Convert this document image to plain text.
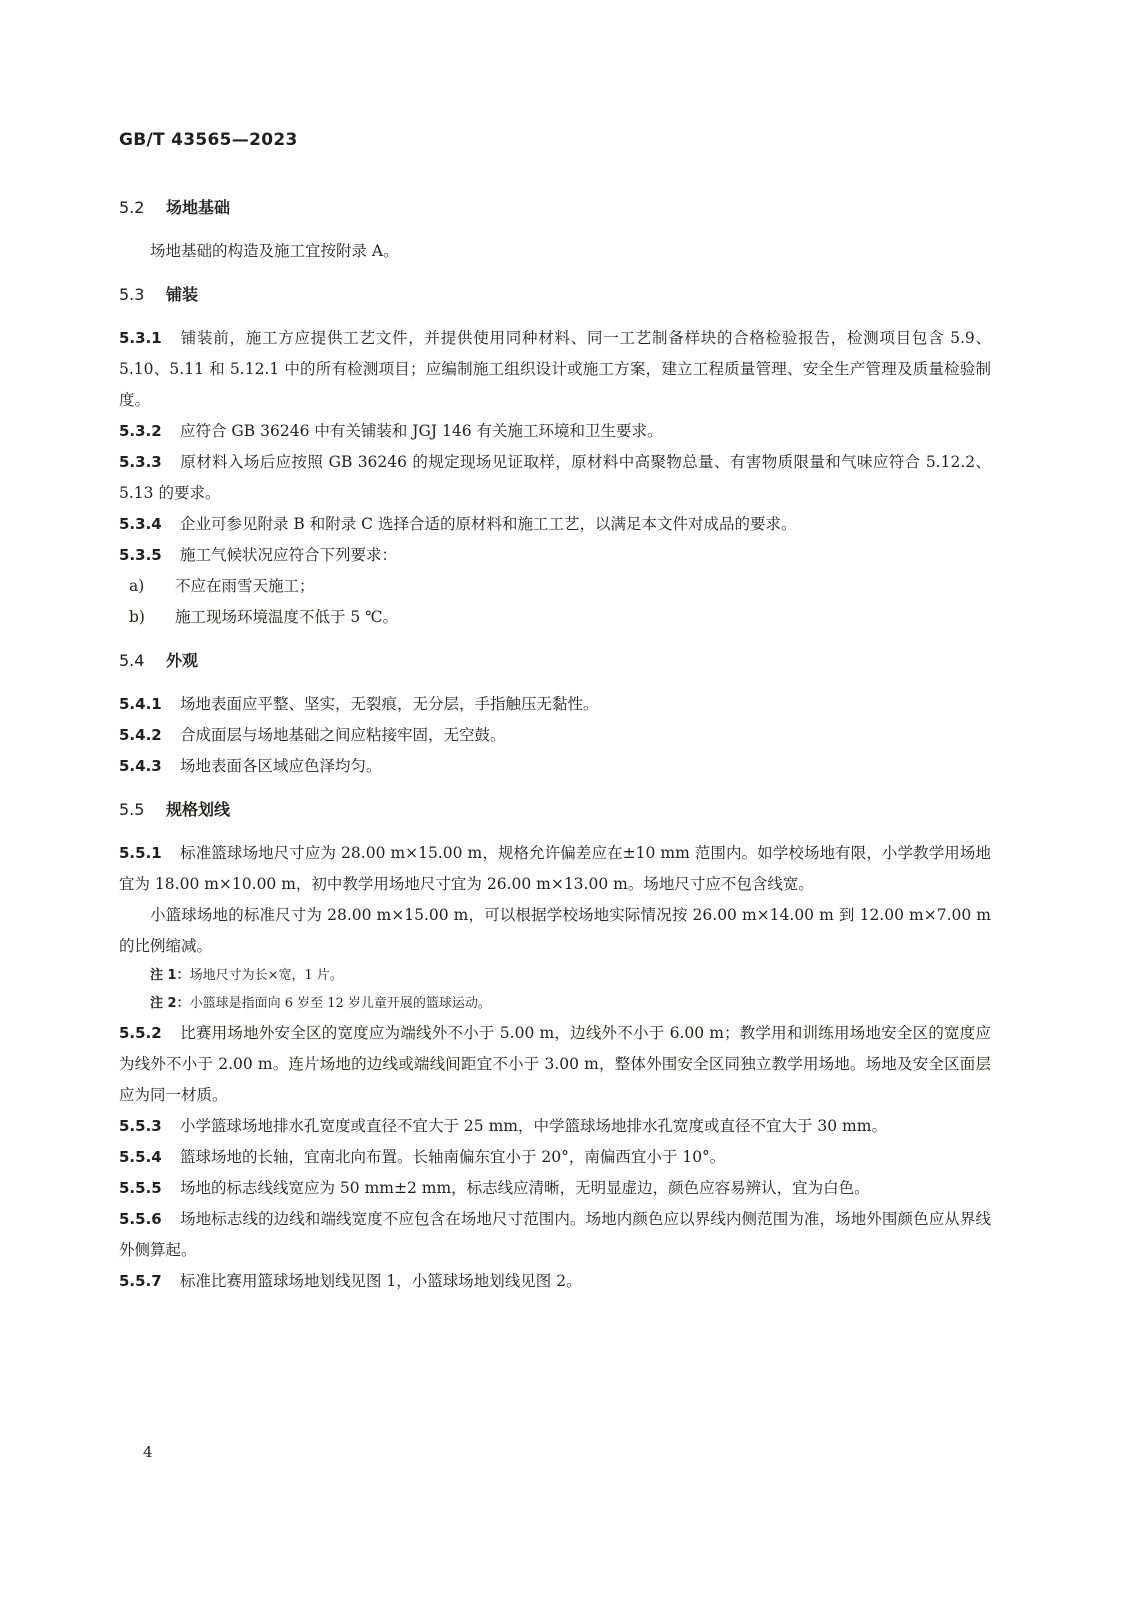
GB/T 43565—2023
5.2 场地基础

场地基础的构造及施工宜按附录 A。

5.3 铺装

5.3.1 铺装前，施工方应提供工艺文件，并提供使用同种材料、同一工艺制备样块的合格检验报告，检测项目包含 5.9、5.10、5.11 和 5.12.1 中的所有检测项目；应编制施工组织设计或施工方案，建立工程质量管理、安全生产管理及质量检验制度。

5.3.2 应符合 GB 36246 中有关铺装和 JGJ 146 有关施工环境和卫生要求。

5.3.3 原材料入场后应按照 GB 36246 的规定现场见证取样，原材料中高聚物总量、有害物质限量和气味应符合 5.12.2、5.13 的要求。

5.3.4 企业可参见附录 B 和附录 C 选择合适的原材料和施工工艺，以满足本文件对成品的要求。

5.3.5 施工气候状况应符合下列要求：

a) 不应在雨雪天施工；
b) 施工现场环境温度不低于 5 ℃。
5.4 外观

5.4.1 场地表面应平整、坚实，无裂痕，无分层，手指触压无黏性。

5.4.2 合成面层与场地基础之间应粘接牢固，无空鼓。

5.4.3 场地表面各区域应色泽均匀。

5.5 规格划线

5.5.1 标准篮球场地尺寸应为 28.00 m×15.00 m，规格允许偏差应在±10 mm 范围内。如学校场地有限，小学教学用场地宜为 18.00 m×10.00 m，初中教学用场地尺寸宜为 26.00 m×13.00 m。场地尺寸应不包含线宽。

小篮球场地的标准尺寸为 28.00 m×15.00 m，可以根据学校场地实际情况按 26.00 m×14.00 m 到 12.00 m×7.00 m 的比例缩减。

注 1：场地尺寸为长×宽，1 片。
注 2：小篮球是指面向 6 岁至 12 岁儿童开展的篮球运动。

5.5.2 比赛用场地外安全区的宽度应为端线外不小于 5.00 m，边线外不小于 6.00 m；教学用和训练用场地安全区的宽度应为线外不小于 2.00 m。连片场地的边线或端线间距宜不小于 3.00 m，整体外围安全区同独立教学用场地。场地及安全区面层应为同一材质。

5.5.3 小学篮球场地排水孔宽度或直径不宜大于 25 mm，中学篮球场地排水孔宽度或直径不宜大于 30 mm。

5.5.4 篮球场地的长轴，宜南北向布置。长轴南偏东宜小于 20°，南偏西宜小于 10°。

5.5.5 场地的标志线线宽应为 50 mm±2 mm，标志线应清晰，无明显虚边，颜色应容易辨认，宜为白色。

5.5.6 场地标志线的边线和端线宽度不应包含在场地尺寸范围内。场地内颜色应以界线内侧范围为准，场地外围颜色应从界线外侧算起。

5.5.7 标准比赛用篮球场地划线见图 1，小篮球场地划线见图 2。

4
